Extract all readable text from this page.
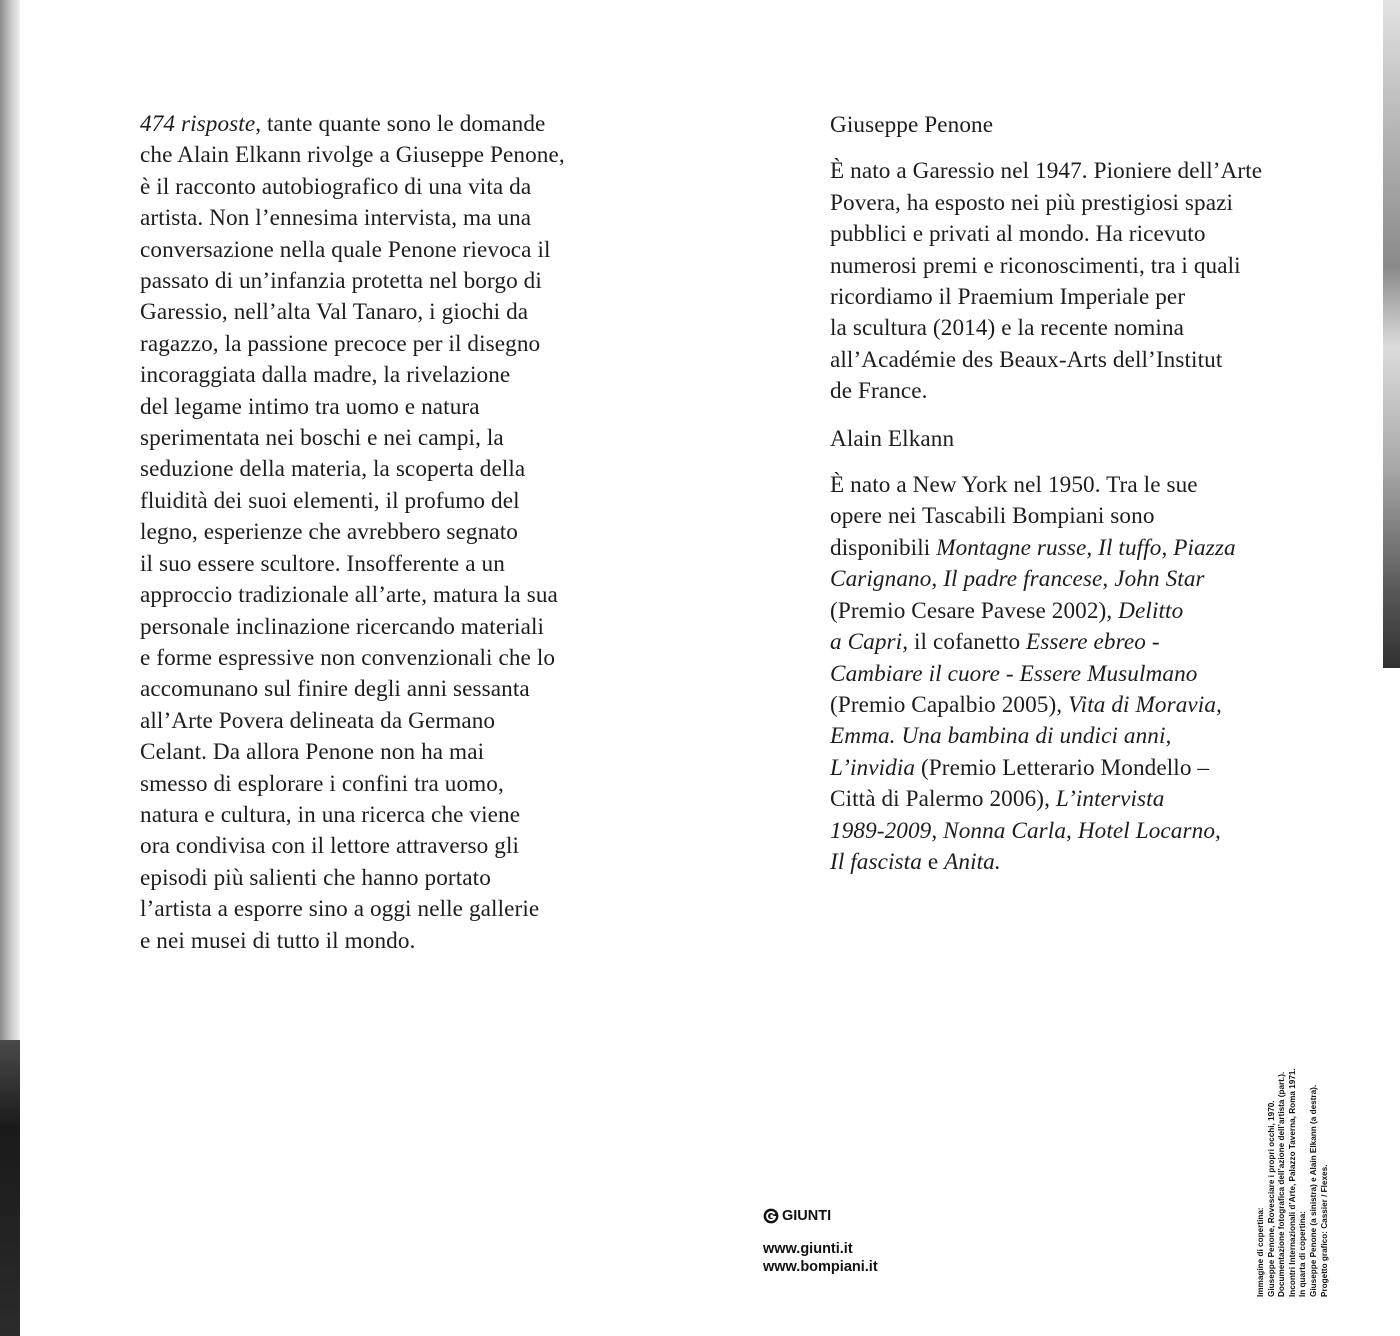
474 risposte, tante quante sono le domande
che Alain Elkann rivolge a Giuseppe Penone,
è il racconto autobiografico di una vita da
artista. Non l’ennesima intervista, ma una
conversazione nella quale Penone rievoca il
passato di un’infanzia protetta nel borgo di
Garessio, nell’alta Val Tanaro, i giochi da
ragazzo, la passione precoce per il disegno
incoraggiata dalla madre, la rivelazione
del legame intimo tra uomo e natura
sperimentata nei boschi e nei campi, la
seduzione della materia, la scoperta della
fluidità dei suoi elementi, il profumo del
legno, esperienze che avrebbero segnato
il suo essere scultore. Insofferente a un
approccio tradizionale all’arte, matura la sua
personale inclinazione ricercando materiali
e forme espressive non convenzionali che lo
accomunano sul finire degli anni sessanta
all’Arte Povera delineata da Germano
Celant. Da allora Penone non ha mai
smesso di esplorare i confini tra uomo,
natura e cultura, in una ricerca che viene
ora condivisa con il lettore attraverso gli
episodi più salienti che hanno portato
l’artista a esporre sino a oggi nelle gallerie
e nei musei di tutto il mondo.

Giuseppe Penone

È nato a Garessio nel 1947. Pioniere dell’Arte
Povera, ha esposto nei più prestigiosi spazi
pubblici e privati al mondo. Ha ricevuto
numerosi premi e riconoscimenti, tra i quali
ricordiamo il Praemium Imperiale per
la scultura (2014) e la recente nomina
all’Académie des Beaux-Arts dell’Institut
de France.

Alain Elkann

È nato a New York nel 1950. Tra le sue
opere nei Tascabili Bompiani sono
disponibili Montagne russe, Il tuffo, Piazza
Carignano, Il padre francese, John Star
(Premio Cesare Pavese 2002), Delitto
a Capri, il cofanetto Essere ebreo -
Cambiare il cuore - Essere Musulmano
(Premio Capalbio 2005), Vita di Moravia,
Emma. Una bambina di undici anni,
L’invidia (Premio Letterario Mondello –
Città di Palermo 2006), L’intervista
1989-2009, Nonna Carla, Hotel Locarno,
Il fascista e Anita.

GIUNTI
www.giunti.it
www.bompiani.it	Immagine di copertina: Giuseppe Penone, Rovesciare i propri occhi, 1970. Documentazione fotografica dell’azione dell’artista (part.). Incontri Internazionali d’Arte, Palazzo Taverna, Roma 1971. In quarta di copertina: Giuseppe Penone (a sinistra) e Alain Elkann (a destra). Progetto grafico: Cassier / Flexes.
